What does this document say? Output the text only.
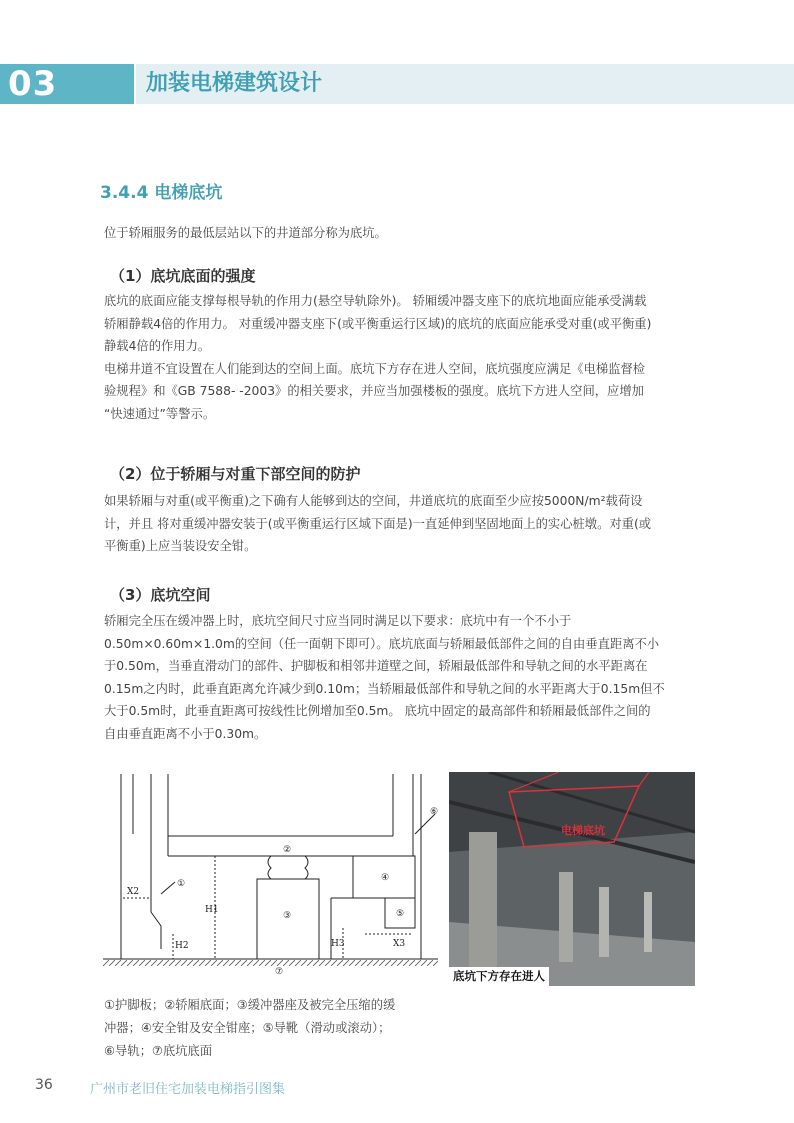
03	加装电梯建筑设计
3.4.4 电梯底坑
位于轿厢服务的最低层站以下的井道部分称为底坑。
（1）底坑底面的强度
底坑的底面应能支撑每根导轨的作用力(悬空导轨除外)。 轿厢缓冲器支座下的底坑地面应能承受满载
轿厢静载4倍的作用力。 对重缓冲器支座下(或平衡重运行区域)的底坑的底面应能承受对重(或平衡重)
静载4倍的作用力。
电梯井道不宜设置在人们能到达的空间上面。底坑下方存在进人空间，底坑强度应满足《电梯监督检
验规程》和《GB 7588- -2003》的相关要求，并应当加强楼板的强度。底坑下方进人空间，应增加
“快速通过”等警示。
（2）位于轿厢与对重下部空间的防护
如果轿厢与对重(或平衡重)之下确有人能够到达的空间，井道底坑的底面至少应按5000N/m²载荷设
计，并且 将对重缓冲器安装于(或平衡重运行区域下面是)一直延伸到坚固地面上的实心桩墩。对重(或
平衡重)上应当装设安全钳。
（3）底坑空间
轿厢完全压在缓冲器上时，底坑空间尺寸应当同时满足以下要求：底坑中有一个不小于
0.50m×0.60m×1.0m的空间（任一面朝下即可）。底坑底面与轿厢最低部件之间的自由垂直距离不小
于0.50m，当垂直滑动门的部件、护脚板和相邻井道壁之间，轿厢最低部件和导轨之间的水平距离在
0.15m之内时，此垂直距离允许减少到0.10m；当轿厢最低部件和导轨之间的水平距离大于0.15m但不
大于0.5m时，此垂直距离可按线性比例增加至0.5m。 底坑中固定的最高部件和轿厢最低部件之间的
自由垂直距离不小于0.30m。
①
②
③
④
⑤
⑥
⑦
H1
H2	H3
X2
X3
电梯底坑
底坑下方存在进人
①护脚板；②轿厢底面；③缓冲器座及被完全压缩的缓
冲器；④安全钳及安全钳座；⑤导靴（滑动或滚动）；
⑥导轨；⑦底坑底面
36	广州市老旧住宅加装电梯指引图集
